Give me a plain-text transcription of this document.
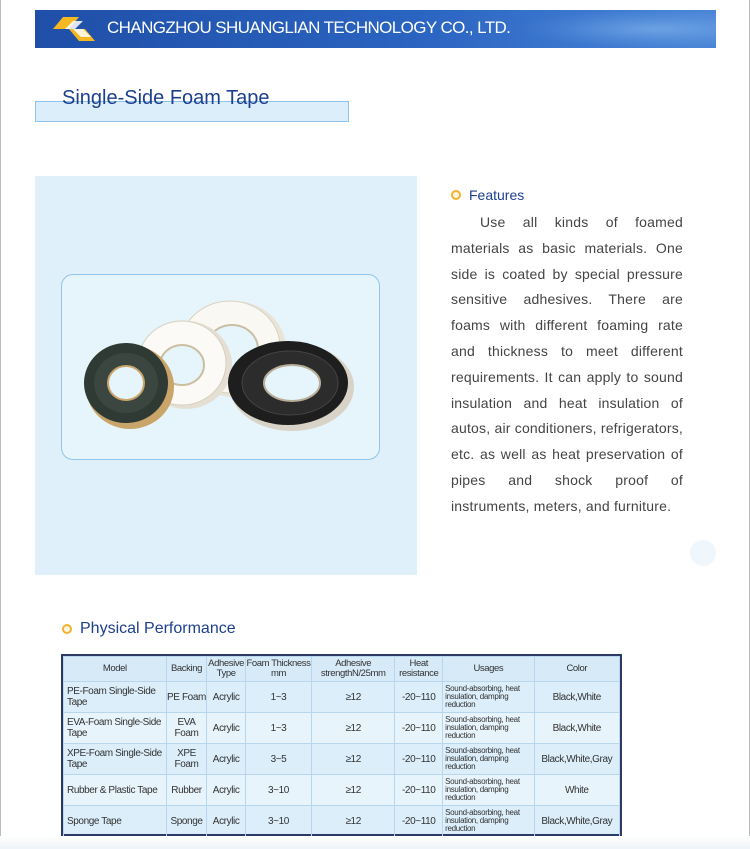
CHANGZHOU SHUANGLIAN TECHNOLOGY CO., LTD.
Single-Side Foam Tape
Features
Use all kinds of foamed materials as basic materials. One side is coated by special pressure sensitive adhesives. There are foams with different foaming rate and thickness to meet different requirements. It can apply to sound insulation and heat insulation of autos, air conditioners, refrigerators, etc. as well as heat preservation of pipes and shock proof of instruments, meters, and furniture.
Physical Performance
Model	Backing	Adhesive Type	Foam Thickness mm	Adhesive strengthN/25mm	Heat resistance	Usages	Color
PE-Foam Single-Side Tape	PE Foam	Acrylic	1~3	≥12	-20~110	Sound-absorbing, heat insulation, damping reduction	Black,White
EVA-Foam Single-Side Tape	EVA Foam	Acrylic	1~3	≥12	-20~110	Sound-absorbing, heat insulation, damping reduction	Black,White
XPE-Foam Single-Side Tape	XPE Foam	Acrylic	3~5	≥12	-20~110	Sound-absorbing, heat insulation, damping reduction	Black,White,Gray
Rubber & Plastic Tape	Rubber	Acrylic	3~10	≥12	-20~110	Sound-absorbing, heat insulation, damping reduction	White
Sponge Tape	Sponge	Acrylic	3~10	≥12	-20~110	Sound-absorbing, heat insulation, damping reduction	Black,White,Gray
